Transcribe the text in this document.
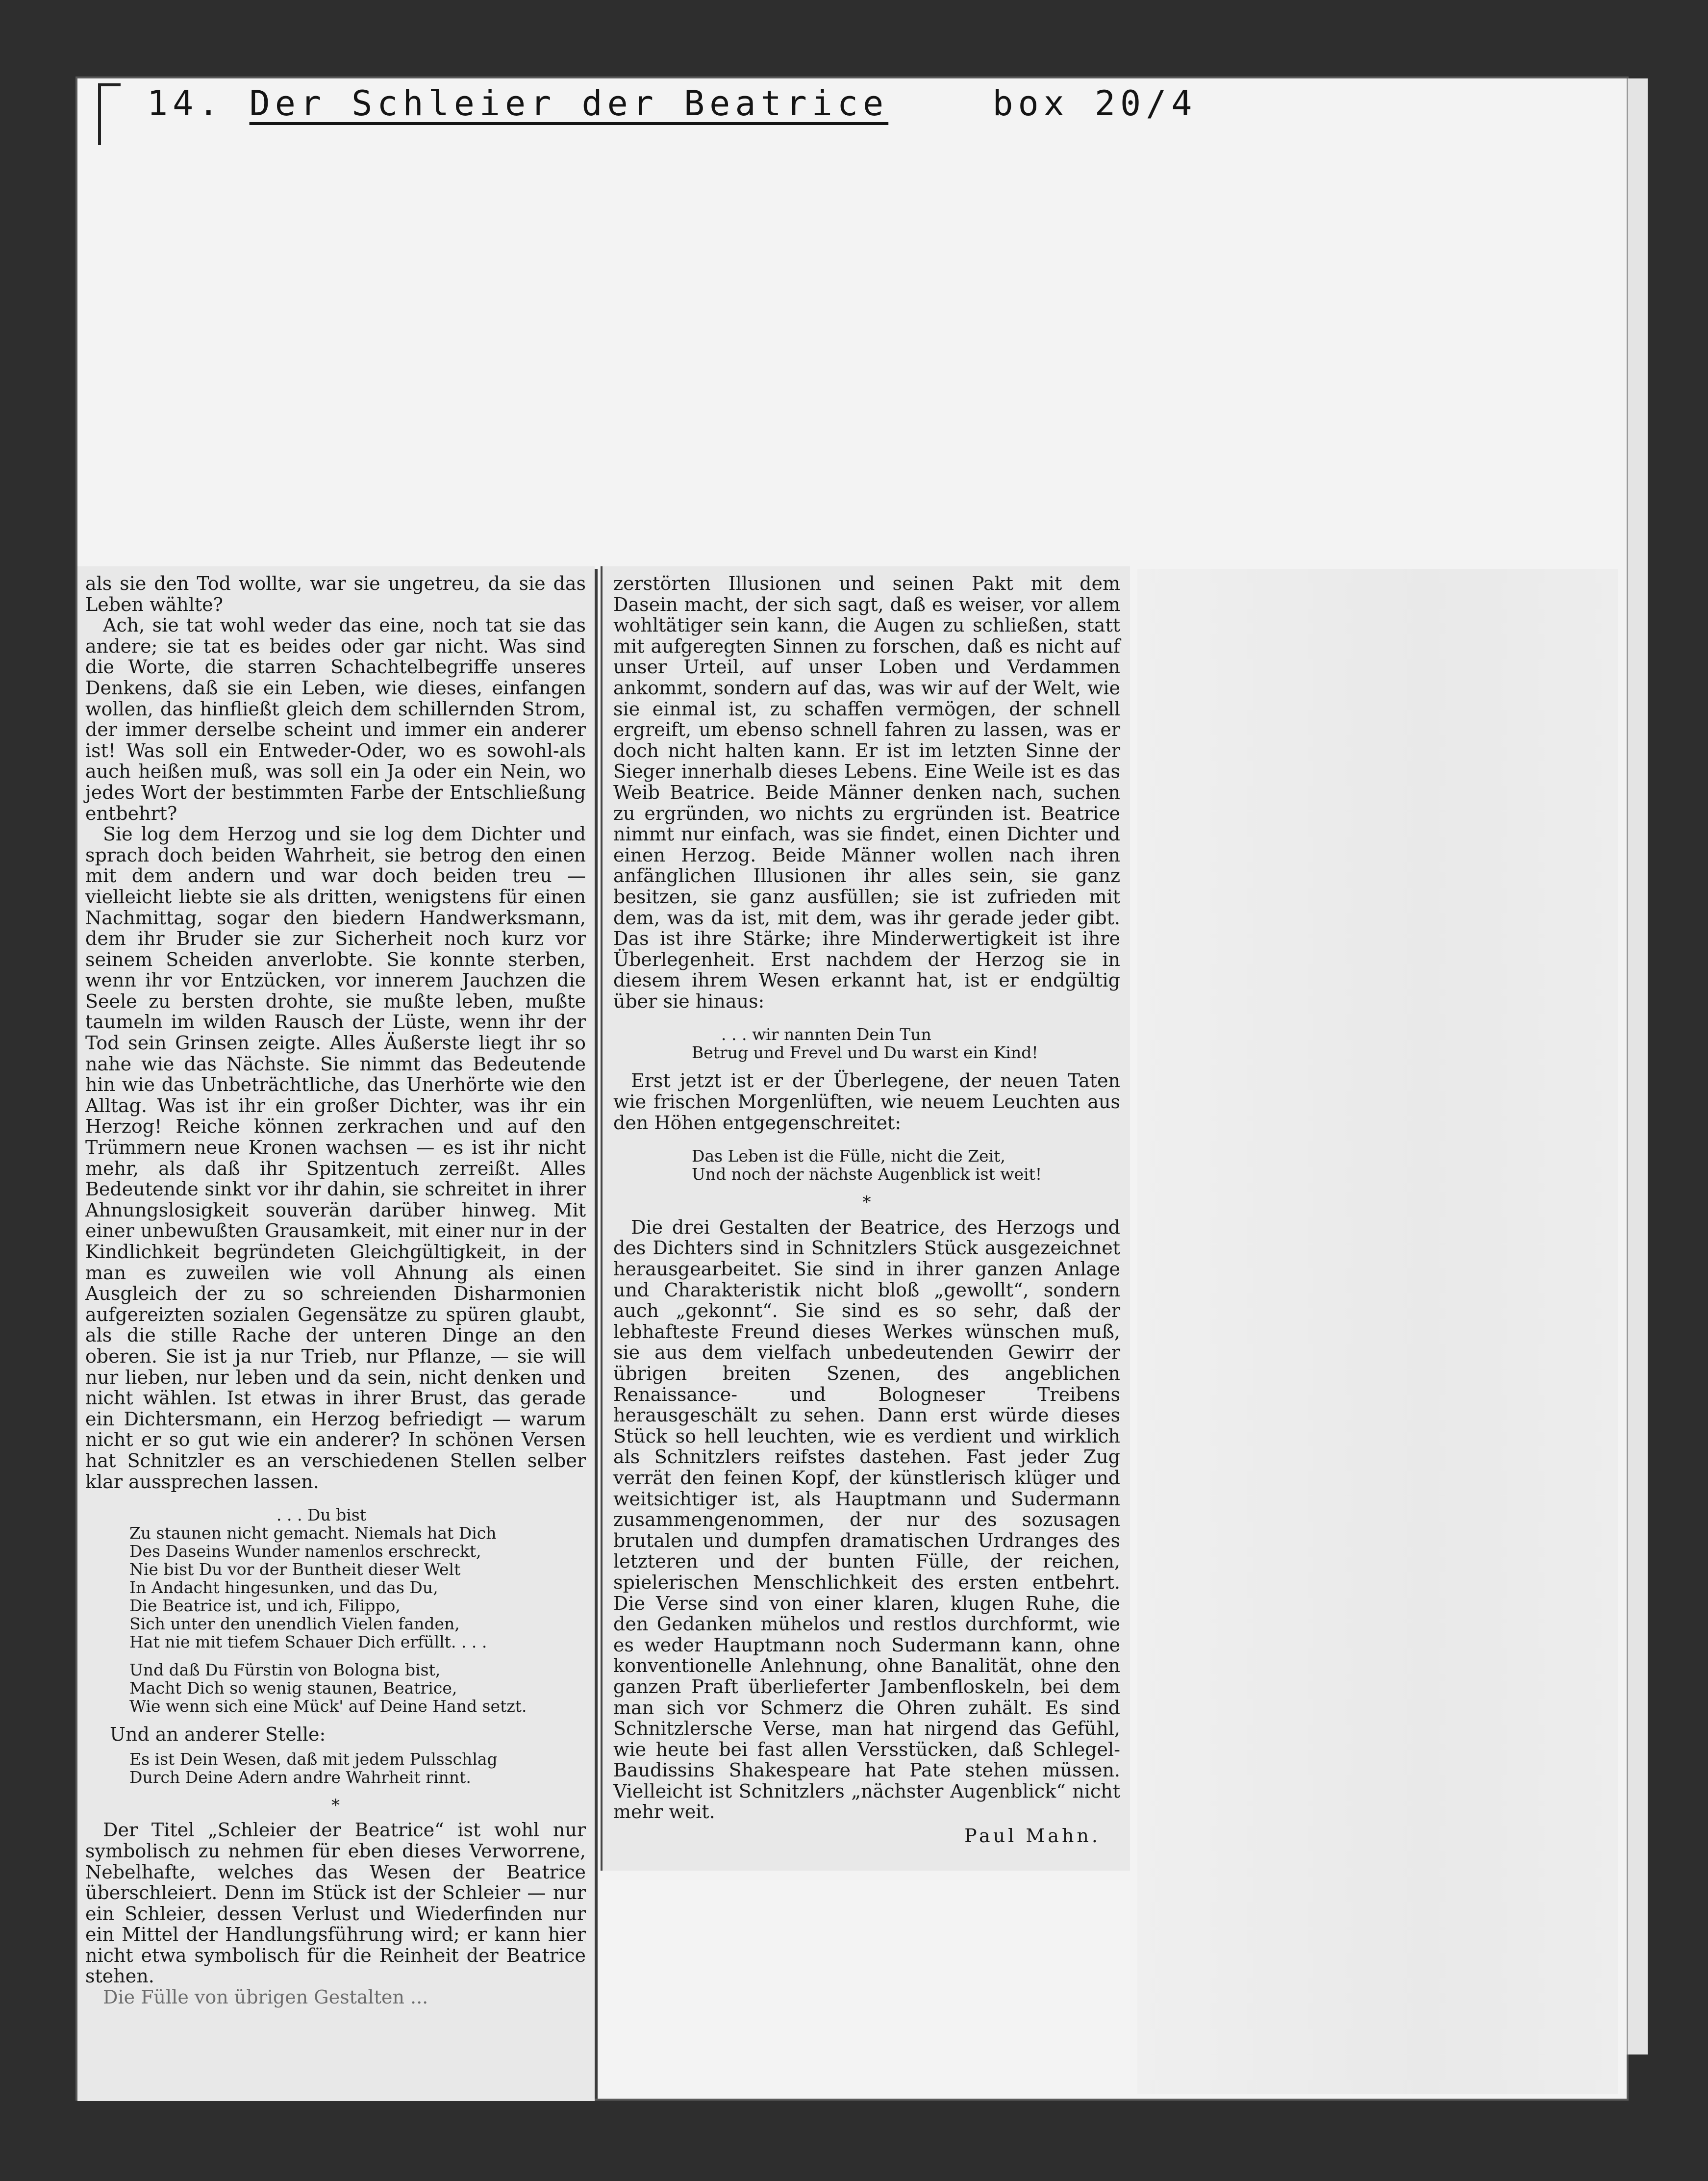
14. Der Schleier der Beatrice	box 20/4

als sie den Tod wollte, war sie ungetreu, da sie das Leben wählte?

Ach, sie tat wohl weder das eine, noch tat sie das andere; sie tat es beides oder gar nicht. Was sind die Worte, die starren Schachtelbegriffe unseres Denkens, daß sie ein Leben, wie dieses, einfangen wollen, das hinfließt gleich dem schillernden Strom, der immer derselbe scheint und immer ein anderer ist! Was soll ein Entweder-Oder, wo es sowohl-als auch heißen muß, was soll ein Ja oder ein Nein, wo jedes Wort der bestimmten Farbe der Entschließung entbehrt?

Sie log dem Herzog und sie log dem Dichter und sprach doch beiden Wahrheit, sie betrog den einen mit dem andern und war doch beiden treu — vielleicht liebte sie als dritten, wenigstens für einen Nachmittag, sogar den biedern Handwerksmann, dem ihr Bruder sie zur Sicherheit noch kurz vor seinem Scheiden anverlobte. Sie konnte sterben, wenn ihr vor Entzücken, vor innerem Jauchzen die Seele zu bersten drohte, sie mußte leben, mußte taumeln im wilden Rausch der Lüste, wenn ihr der Tod sein Grinsen zeigte. Alles Äußerste liegt ihr so nahe wie das Nächste. Sie nimmt das Bedeutende hin wie das Unbeträchtliche, das Unerhörte wie den Alltag. Was ist ihr ein großer Dichter, was ihr ein Herzog! Reiche können zerkrachen und auf den Trümmern neue Kronen wachsen — es ist ihr nicht mehr, als daß ihr Spitzentuch zerreißt. Alles Bedeutende sinkt vor ihr dahin, sie schreitet in ihrer Ahnungslosigkeit souverän darüber hinweg. Mit einer unbewußten Grausamkeit, mit einer nur in der Kindlichkeit begründeten Gleichgültigkeit, in der man es zuweilen wie voll Ahnung als einen Ausgleich der zu so schreienden Disharmonien aufgereizten sozialen Gegensätze zu spüren glaubt, als die stille Rache der unteren Dinge an den oberen. Sie ist ja nur Trieb, nur Pflanze, — sie will nur lieben, nur leben und da sein, nicht denken und nicht wählen. Ist etwas in ihrer Brust, das gerade ein Dichtersmann, ein Herzog befriedigt — warum nicht er so gut wie ein anderer? In schönen Versen hat Schnitzler es an verschiedenen Stellen selber klar aussprechen lassen.

. . . Du bist
Zu staunen nicht gemacht. Niemals hat Dich
Des Daseins Wunder namenlos erschreckt,
Nie bist Du vor der Buntheit dieser Welt
In Andacht hingesunken, und das Du,
Die Beatrice ist, und ich, Filippo,
Sich unter den unendlich Vielen fanden,
Hat nie mit tiefem Schauer Dich erfüllt. . . .
Und daß Du Fürstin von Bologna bist,
Macht Dich so wenig staunen, Beatrice,
Wie wenn sich eine Mück' auf Deine Hand setzt.

Und an anderer Stelle:

Es ist Dein Wesen, daß mit jedem Pulsschlag
Durch Deine Adern andre Wahrheit rinnt.
*

Der Titel „Schleier der Beatrice“ ist wohl nur symbolisch zu nehmen für eben dieses Verworrene, Nebelhafte, welches das Wesen der Beatrice überschleiert. Denn im Stück ist der Schleier — nur ein Schleier, dessen Verlust und Wiederfinden nur ein Mittel der Handlungsführung wird; er kann hier nicht etwa symbolisch für die Reinheit der Beatrice stehen.

Die Fülle von übrigen Gestalten ...

zerstörten Illusionen und seinen Pakt mit dem Dasein macht, der sich sagt, daß es weiser, vor allem wohltätiger sein kann, die Augen zu schließen, statt mit aufgeregten Sinnen zu forschen, daß es nicht auf unser Urteil, auf unser Loben und Verdammen ankommt, sondern auf das, was wir auf der Welt, wie sie einmal ist, zu schaffen vermögen, der schnell ergreift, um ebenso schnell fahren zu lassen, was er doch nicht halten kann. Er ist im letzten Sinne der Sieger innerhalb dieses Lebens. Eine Weile ist es das Weib Beatrice. Beide Männer denken nach, suchen zu ergründen, wo nichts zu ergründen ist. Beatrice nimmt nur einfach, was sie findet, einen Dichter und einen Herzog. Beide Männer wollen nach ihren anfänglichen Illusionen ihr alles sein, sie ganz besitzen, sie ganz ausfüllen; sie ist zufrieden mit dem, was da ist, mit dem, was ihr gerade jeder gibt. Das ist ihre Stärke; ihre Minderwertigkeit ist ihre Überlegenheit. Erst nachdem der Herzog sie in diesem ihrem Wesen erkannt hat, ist er endgültig über sie hinaus:

. . . wir nannten Dein Tun
Betrug und Frevel und Du warst ein Kind!

Erst jetzt ist er der Überlegene, der neuen Taten wie frischen Morgenlüften, wie neuem Leuchten aus den Höhen entgegenschreitet:

Das Leben ist die Fülle, nicht die Zeit,
Und noch der nächste Augenblick ist weit!
*

Die drei Gestalten der Beatrice, des Herzogs und des Dichters sind in Schnitzlers Stück ausgezeichnet herausgearbeitet. Sie sind in ihrer ganzen Anlage und Charakteristik nicht bloß „gewollt“, sondern auch „gekonnt“. Sie sind es so sehr, daß der lebhafteste Freund dieses Werkes wünschen muß, sie aus dem vielfach unbedeutenden Gewirr der übrigen breiten Szenen, des angeblichen Renaissance- und Bologneser Treibens herausgeschält zu sehen. Dann erst würde dieses Stück so hell leuchten, wie es verdient und wirklich als Schnitzlers reifstes dastehen. Fast jeder Zug verrät den feinen Kopf, der künstlerisch klüger und weitsichtiger ist, als Hauptmann und Sudermann zusammengenommen, der nur des sozusagen brutalen und dumpfen dramatischen Urdranges des letzteren und der bunten Fülle, der reichen, spielerischen Menschlichkeit des ersten entbehrt. Die Verse sind von einer klaren, klugen Ruhe, die den Gedanken mühelos und restlos durchformt, wie es weder Hauptmann noch Sudermann kann, ohne konventionelle Anlehnung, ohne Banalität, ohne den ganzen Praft überlieferter Jambenfloskeln, bei dem man sich vor Schmerz die Ohren zuhält. Es sind Schnitzlersche Verse, man hat nirgend das Gefühl, wie heute bei fast allen Versstücken, daß Schlegel-Baudissins Shakespeare hat Pate stehen müssen. Vielleicht ist Schnitzlers „nächster Augenblick“ nicht mehr weit.

Paul Mahn.
